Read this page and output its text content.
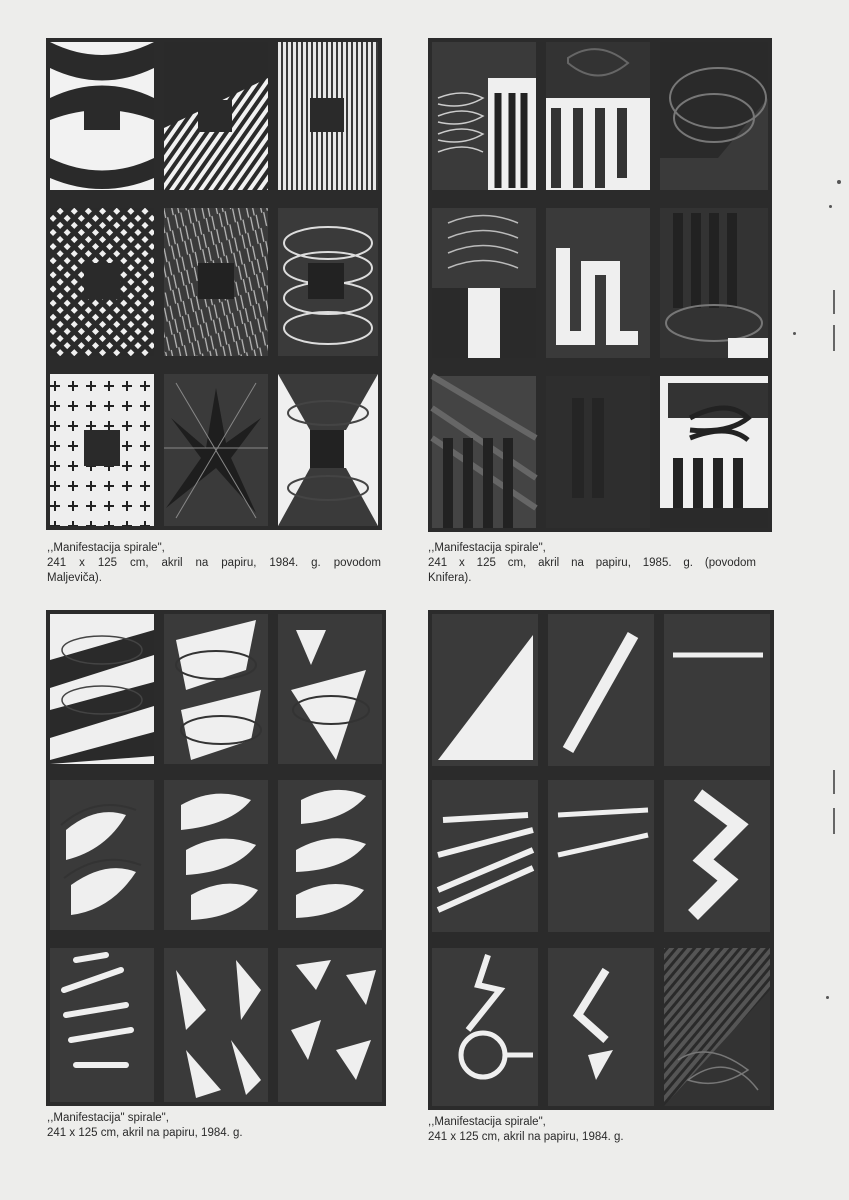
,,Manifestacija spirale",
241 x 125 cm, akril na papiru, 1984. g. povodom
Maljeviča).
,,Manifestacija spirale",
241 x 125 cm, akril na papiru, 1985. g. (povodom
Knifera).
,,Manifestacija" spirale",
241 x 125 cm, akril na papiru, 1984. g.
,,Manifestacija spirale",
241 x 125 cm, akril na papiru, 1984. g.
